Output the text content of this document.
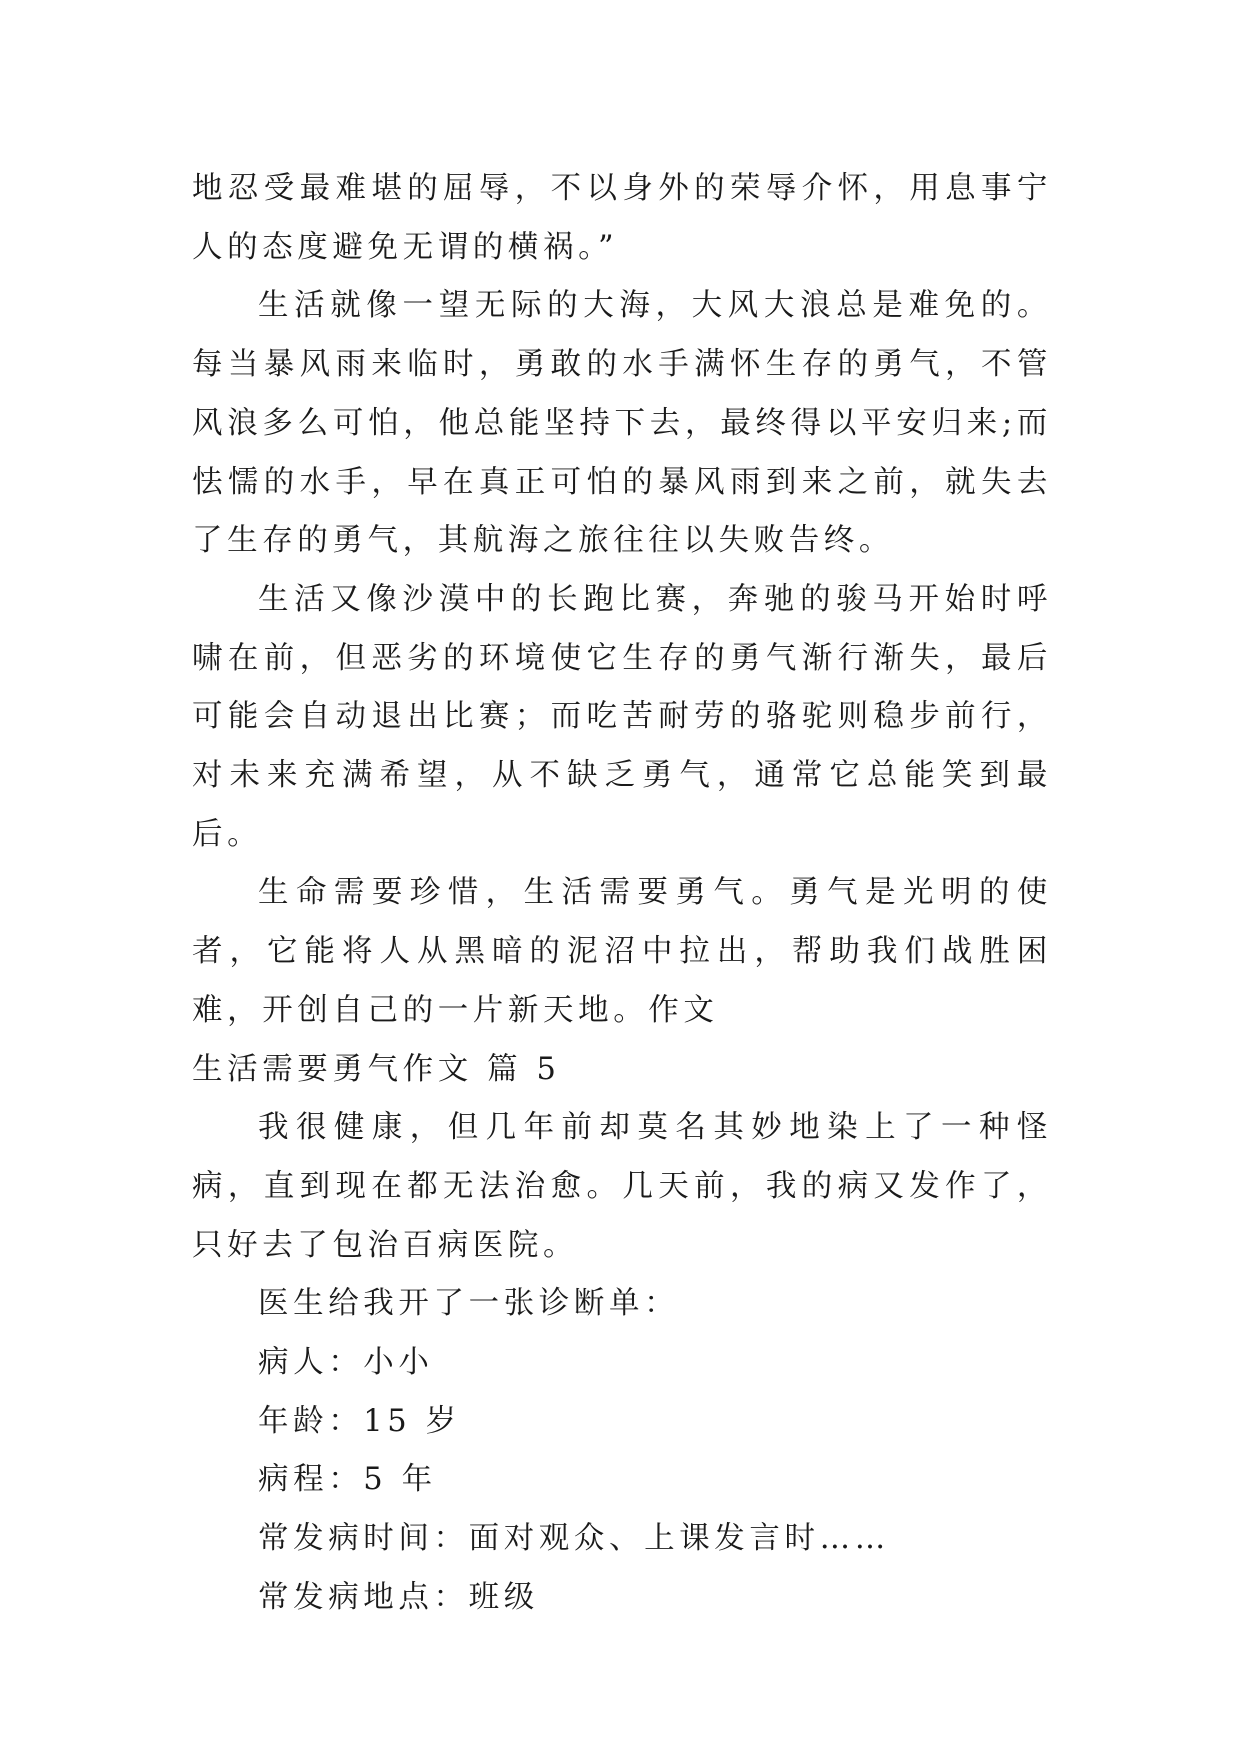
地忍受最难堪的屈辱，不以身外的荣辱介怀，用息事宁人的态度避免无谓的横祸。”

生活就像一望无际的大海，大风大浪总是难免的。每当暴风雨来临时，勇敢的水手满怀生存的勇气，不管风浪多么可怕，他总能坚持下去，最终得以平安归来;而怯懦的水手，早在真正可怕的暴风雨到来之前，就失去了生存的勇气，其航海之旅往往以失败告终。

生活又像沙漠中的长跑比赛，奔驰的骏马开始时呼啸在前，但恶劣的环境使它生存的勇气渐行渐失，最后可能会自动退出比赛；而吃苦耐劳的骆驼则稳步前行，对未来充满希望，从不缺乏勇气，通常它总能笑到最后。

生命需要珍惜，生活需要勇气。勇气是光明的使者，它能将人从黑暗的泥沼中拉出，帮助我们战胜困难，开创自己的一片新天地。作文

生活需要勇气作文 篇 5

我很健康，但几年前却莫名其妙地染上了一种怪病，直到现在都无法治愈。几天前，我的病又发作了，只好去了包治百病医院。

医生给我开了一张诊断单：

病人：小小

年龄：15 岁

病程：5 年

常发病时间：面对观众、上课发言时……

常发病地点：班级
